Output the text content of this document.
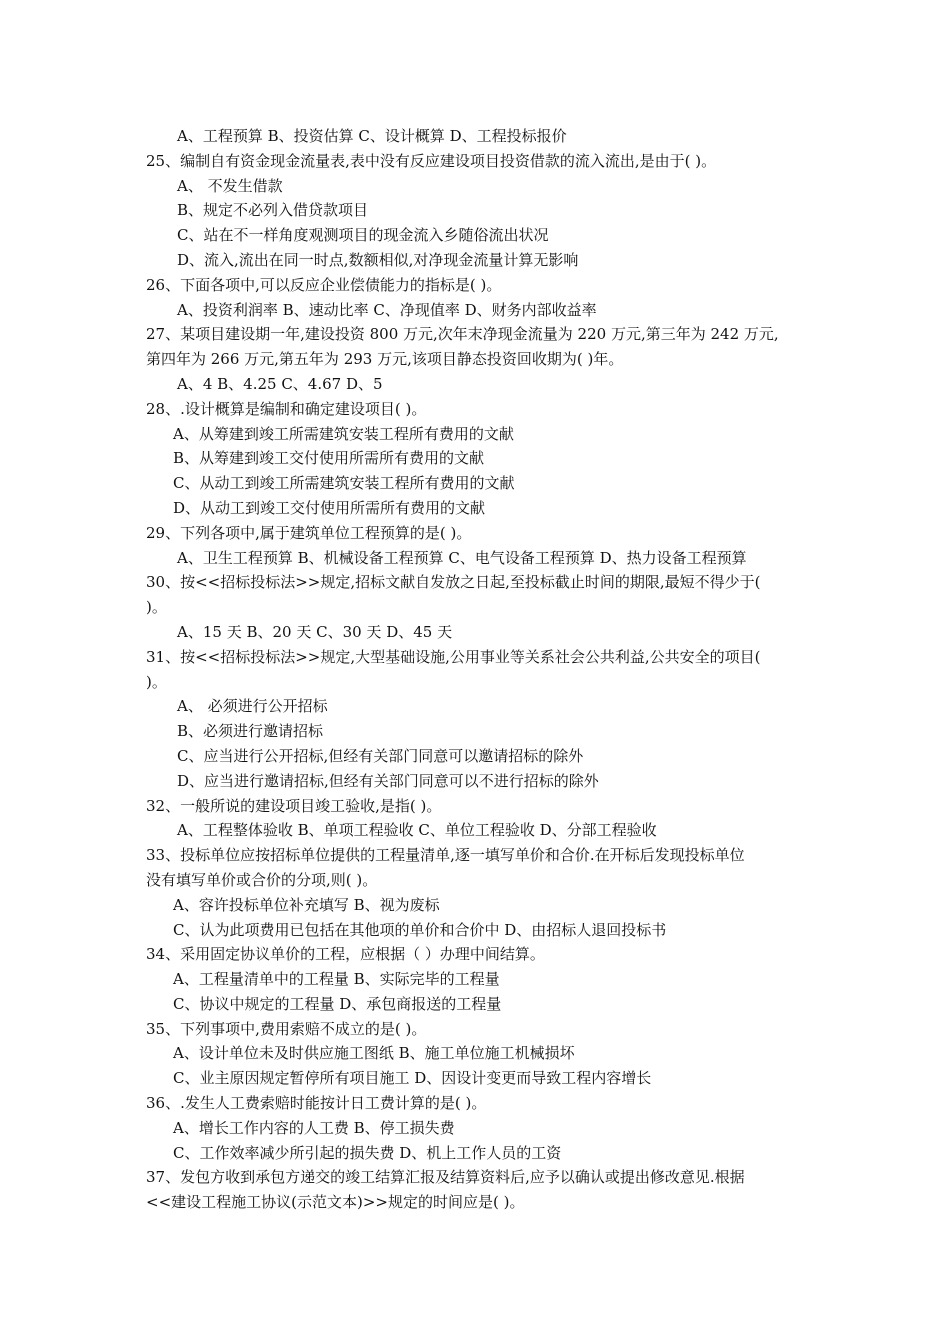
A、工程预算 B、投资估算 C、设计概算 D、工程投标报价
25、编制自有资金现金流量表,表中没有反应建设项目投资借款的流入流出,是由于( )。
A、 不发生借款
B、规定不必列入借贷款项目
C、站在不一样角度观测项目的现金流入乡随俗流出状况
D、流入,流出在同一时点,数额相似,对净现金流量计算无影响
26、下面各项中,可以反应企业偿债能力的指标是( )。
A、投资利润率 B、速动比率 C、净现值率 D、财务内部收益率
27、某项目建设期一年,建设投资 800 万元,次年末净现金流量为 220 万元,第三年为 242 万元,
第四年为 266 万元,第五年为 293 万元,该项目静态投资回收期为( )年。
A、4 B、4.25 C、4.67 D、5
28、.设计概算是编制和确定建设项目( )。
A、从筹建到竣工所需建筑安装工程所有费用的文献
B、从筹建到竣工交付使用所需所有费用的文献
C、从动工到竣工所需建筑安装工程所有费用的文献
D、从动工到竣工交付使用所需所有费用的文献
29、下列各项中,属于建筑单位工程预算的是( )。
A、卫生工程预算 B、机械设备工程预算 C、电气设备工程预算 D、热力设备工程预算
30、按<<招标投标法>>规定,招标文献自发放之日起,至投标截止时间的期限,最短不得少于(
)。
A、15 天 B、20 天 C、30 天 D、45 天
31、按<<招标投标法>>规定,大型基础设施,公用事业等关系社会公共利益,公共安全的项目(
)。
A、 必须进行公开招标
B、必须进行邀请招标
C、应当进行公开招标,但经有关部门同意可以邀请招标的除外
D、应当进行邀请招标,但经有关部门同意可以不进行招标的除外
32、一般所说的建设项目竣工验收,是指( )。
A、工程整体验收 B、单项工程验收 C、单位工程验收 D、分部工程验收
33、投标单位应按招标单位提供的工程量清单,逐一填写单价和合价.在开标后发现投标单位
没有填写单价或合价的分项,则( )。
A、容许投标单位补充填写 B、视为废标
C、认为此项费用已包括在其他项的单价和合价中 D、由招标人退回投标书
34、采用固定协议单价的工程，应根据（ ）办理中间结算。
A、工程量清单中的工程量 B、实际完毕的工程量
C、协议中规定的工程量 D、承包商报送的工程量
35、下列事项中,费用索赔不成立的是( )。
A、设计单位未及时供应施工图纸 B、施工单位施工机械损坏
C、业主原因规定暂停所有项目施工 D、因设计变更而导致工程内容增长
36、.发生人工费索赔时能按计日工费计算的是( )。
A、增长工作内容的人工费 B、停工损失费
C、工作效率减少所引起的损失费 D、机上工作人员的工资
37、发包方收到承包方递交的竣工结算汇报及结算资料后,应予以确认或提出修改意见.根据
<<建设工程施工协议(示范文本)>>规定的时间应是( )。
